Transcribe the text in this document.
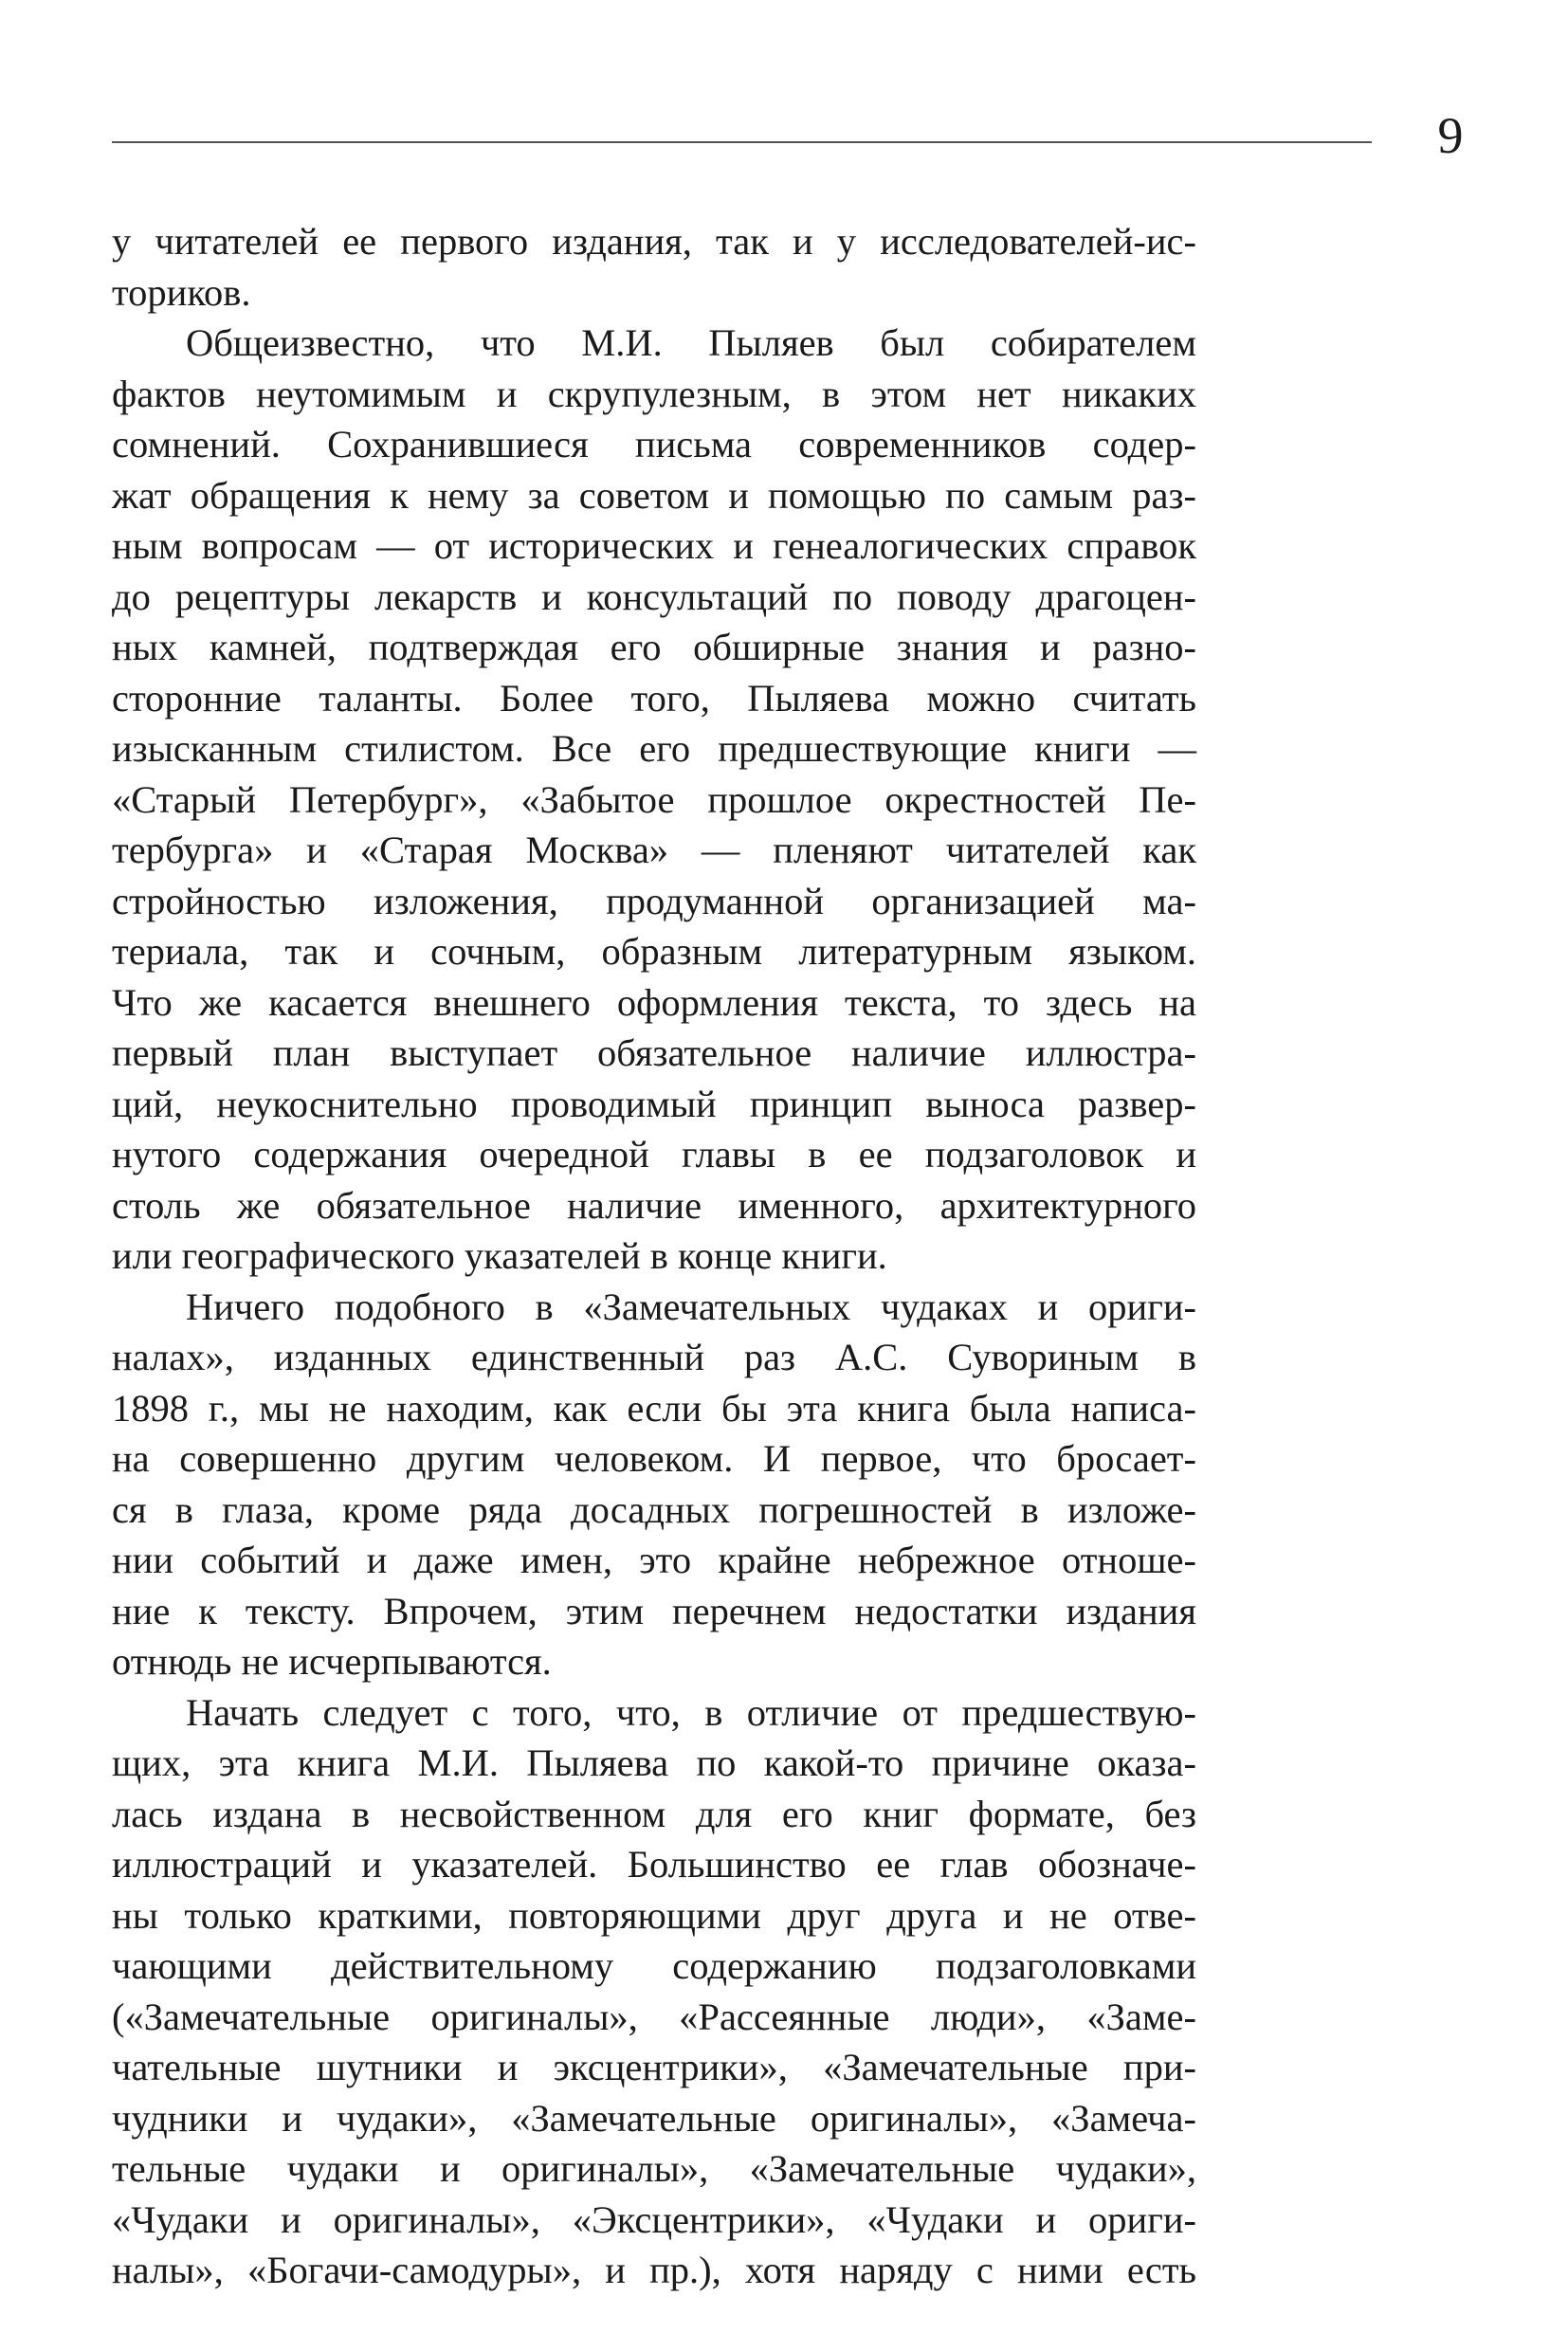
9
у читателей ее первого издания, так и у исследователей-ис-
ториков.
Общеизвестно, что М.И. Пыляев был собирателем
фактов неутомимым и скрупулезным, в этом нет никаких
сомнений. Сохранившиеся письма современников содер-
жат обращения к нему за советом и помощью по самым раз-
ным вопросам — от исторических и генеалогических справок
до рецептуры лекарств и консультаций по поводу драгоцен-
ных камней, подтверждая его обширные знания и разно-
сторонние таланты. Более того, Пыляева можно считать
изысканным стилистом. Все его предшествующие книги —
«Старый Петербург», «Забытое прошлое окрестностей Пе-
тербурга» и «Старая Москва» — пленяют читателей как
стройностью изложения, продуманной организацией ма-
териала, так и сочным, образным литературным языком.
Что же касается внешнего оформления текста, то здесь на
первый план выступает обязательное наличие иллюстра-
ций, неукоснительно проводимый принцип выноса развер-
нутого содержания очередной главы в ее подзаголовок и
столь же обязательное наличие именного, архитектурного
или географического указателей в конце книги.
Ничего подобного в «Замечательных чудаках и ориги-
налах», изданных единственный раз А.С. Сувориным в
1898 г., мы не находим, как если бы эта книга была написа-
на совершенно другим человеком. И первое, что бросает-
ся в глаза, кроме ряда досадных погрешностей в изложе-
нии событий и даже имен, это крайне небрежное отноше-
ние к тексту. Впрочем, этим перечнем недостатки издания
отнюдь не исчерпываются.
Начать следует с того, что, в отличие от предшествую-
щих, эта книга М.И. Пыляева по какой-то причине оказа-
лась издана в несвойственном для его книг формате, без
иллюстраций и указателей. Большинство ее глав обозначе-
ны только краткими, повторяющими друг друга и не отве-
чающими действительному содержанию подзаголовками
(«Замечательные оригиналы», «Рассеянные люди», «Заме-
чательные шутники и эксцентрики», «Замечательные при-
чудники и чудаки», «Замечательные оригиналы», «Замеча-
тельные чудаки и оригиналы», «Замечательные чудаки»,
«Чудаки и оригиналы», «Эксцентрики», «Чудаки и ориги-
налы», «Богачи-самодуры», и пр.), хотя наряду с ними есть
